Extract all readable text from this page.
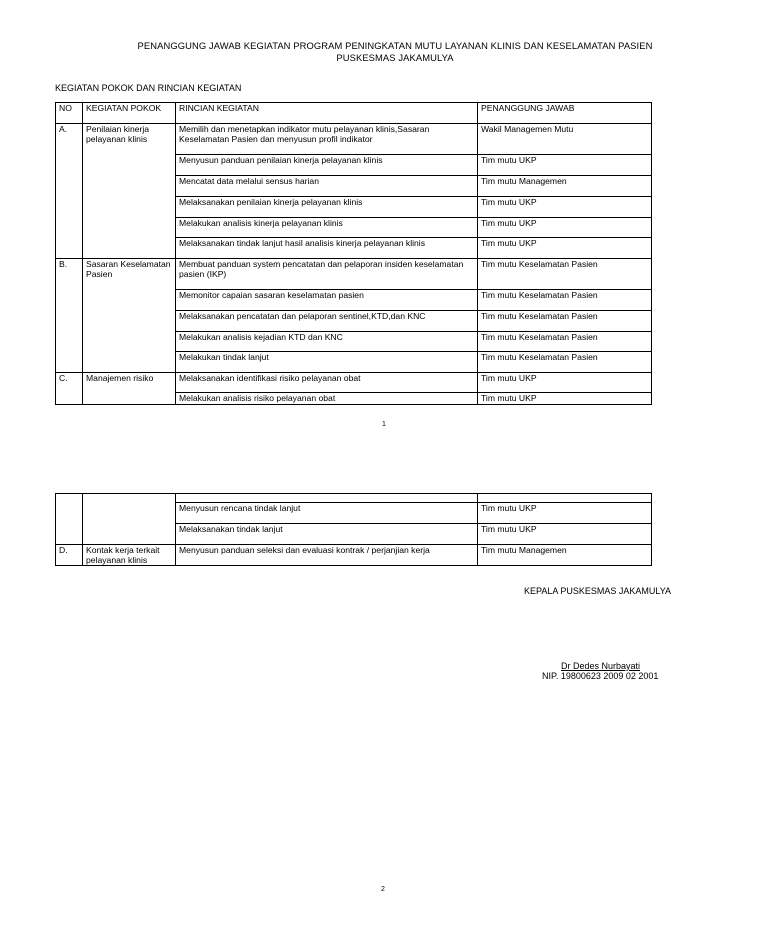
PENANGGUNG JAWAB KEGIATAN PROGRAM PENINGKATAN MUTU LAYANAN KLINIS DAN KESELAMATAN PASIEN
PUSKESMAS JAKAMULYA
KEGIATAN POKOK DAN RINCIAN KEGIATAN
NO	KEGIATAN POKOK	RINCIAN KEGIATAN	PENANGGUNG JAWAB
A.	Penilaian kinerja pelayanan klinis	Memilih dan menetapkan indikator mutu pelayanan klinis,Sasaran Keselamatan Pasien dan menyusun profil indikator	Wakil Managemen Mutu
		Menyusun panduan penilaian kinerja pelayanan klinis	Tim mutu UKP
		Mencatat data melalui sensus harian	Tim mutu Managemen
		Melaksanakan penilaian kinerja pelayanan klinis	Tim mutu UKP
		Melakukan analisis kinerja pelayanan klinis	Tim mutu UKP
		Melaksanakan tindak lanjut hasil analisis kinerja pelayanan klinis	Tim mutu UKP
B.	Sasaran Keselamatan Pasien	Membuat panduan system pencatatan dan pelaporan insiden keselamatan pasien (IKP)	Tim mutu Keselamatan Pasien
		Memonitor capaian sasaran keselamatan pasien	Tim mutu Keselamatan Pasien
		Melaksanakan pencatatan dan pelaporan sentinel,KTD,dan KNC	Tim mutu Keselamatan Pasien
		Melakukan analisis kejadian KTD dan KNC	Tim mutu Keselamatan Pasien
		Melakukan tindak lanjut	Tim mutu Keselamatan Pasien
C.	Manajemen risiko	Melaksanakan identifikasi risiko pelayanan obat	Tim mutu UKP
		Melakukan analisis risiko pelayanan obat	Tim mutu UKP
1

		Menyusun rencana tindak lanjut	Tim mutu UKP
		Melaksanakan tindak lanjut	Tim mutu UKP
D.	Kontak kerja terkait pelayanan klinis	Menyusun panduan seleksi dan evaluasi kontrak / perjanjian kerja	Tim mutu Managemen
KEPALA PUSKESMAS JAKAMULYA
Dr Dedes Nurbayati
NIP. 19800623 2009 02 2001
2
